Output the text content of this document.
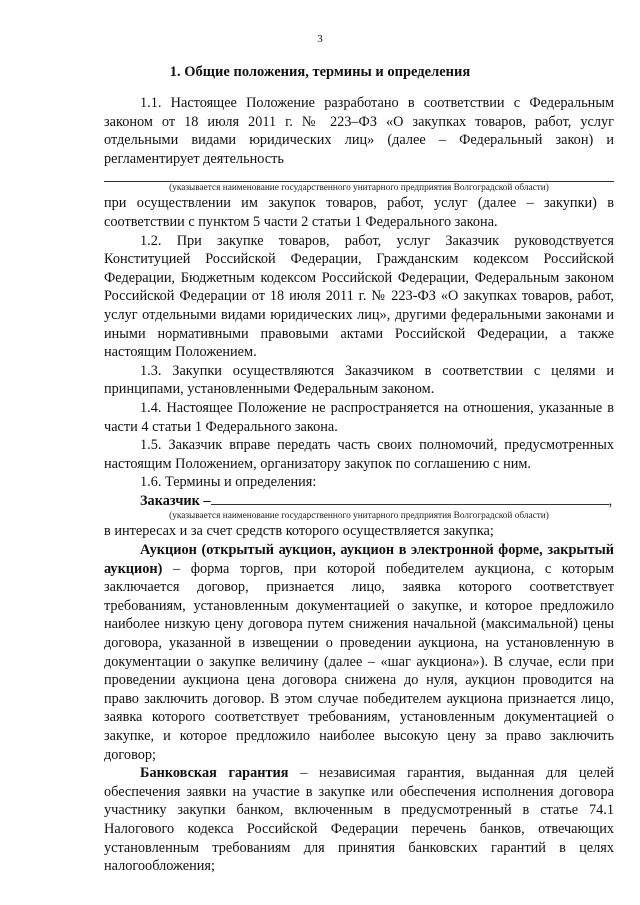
3
1. Общие положения, термины и определения

1.1. Настоящее Положение разработано в соответствии с Федеральным законом от 18 июля 2011 г. № 223–ФЗ «О закупках товаров, работ, услуг отдельными видами юридических лиц» (далее – Федеральный закон) и регламентирует деятельность

(указывается наименование государственного унитарного предприятия Волгоградской области)

при осуществлении им закупок товаров, работ, услуг (далее – закупки) в соответствии с пунктом 5 части 2 статьи 1 Федерального закона.

1.2. При закупке товаров, работ, услуг Заказчик руководствуется Конституцией Российской Федерации, Гражданским кодексом Российской Федерации, Бюджетным кодексом Российской Федерации, Федеральным законом Российской Федерации от 18 июля 2011 г. № 223-ФЗ «О закупках товаров, работ, услуг отдельными видами юридических лиц», другими федеральными законами и иными нормативными правовыми актами Российской Федерации, а также настоящим Положением.

1.3. Закупки осуществляются Заказчиком в соответствии с целями и принципами, установленными Федеральным законом.

1.4. Настоящее Положение не распространяется на отношения, указанные в части 4 статьи 1 Федерального закона.

1.5. Заказчик вправе передать часть своих полномочий, предусмотренных настоящим Положением, организатору закупок по соглашению с ним.

1.6. Термины и определения:

Заказчик –	,

(указывается наименование государственного унитарного предприятия Волгоградской области)

в интересах и за счет средств которого осуществляется закупка;

Аукцион (открытый аукцион, аукцион в электронной форме, закрытый аукцион) – форма торгов, при которой победителем аукциона, с которым заключается договор, признается лицо, заявка которого соответствует требованиям, установленным документацией о закупке, и которое предложило наиболее низкую цену договора путем снижения начальной (максимальной) цены договора, указанной в извещении о проведении аукциона, на установленную в документации о закупке величину (далее – «шаг аукциона»). В случае, если при проведении аукциона цена договора снижена до нуля, аукцион проводится на право заключить договор. В этом случае победителем аукциона признается лицо, заявка которого соответствует требованиям, установленным документацией о закупке, и которое предложило наиболее высокую цену за право заключить договор;

Банковская гарантия – независимая гарантия, выданная для целей обеспечения заявки на участие в закупке или обеспечения исполнения договора участнику закупки банком, включенным в предусмотренный в статье 74.1 Налогового кодекса Российской Федерации перечень банков, отвечающих установленным требованиям для принятия банковских гарантий в целях налогообложения;
